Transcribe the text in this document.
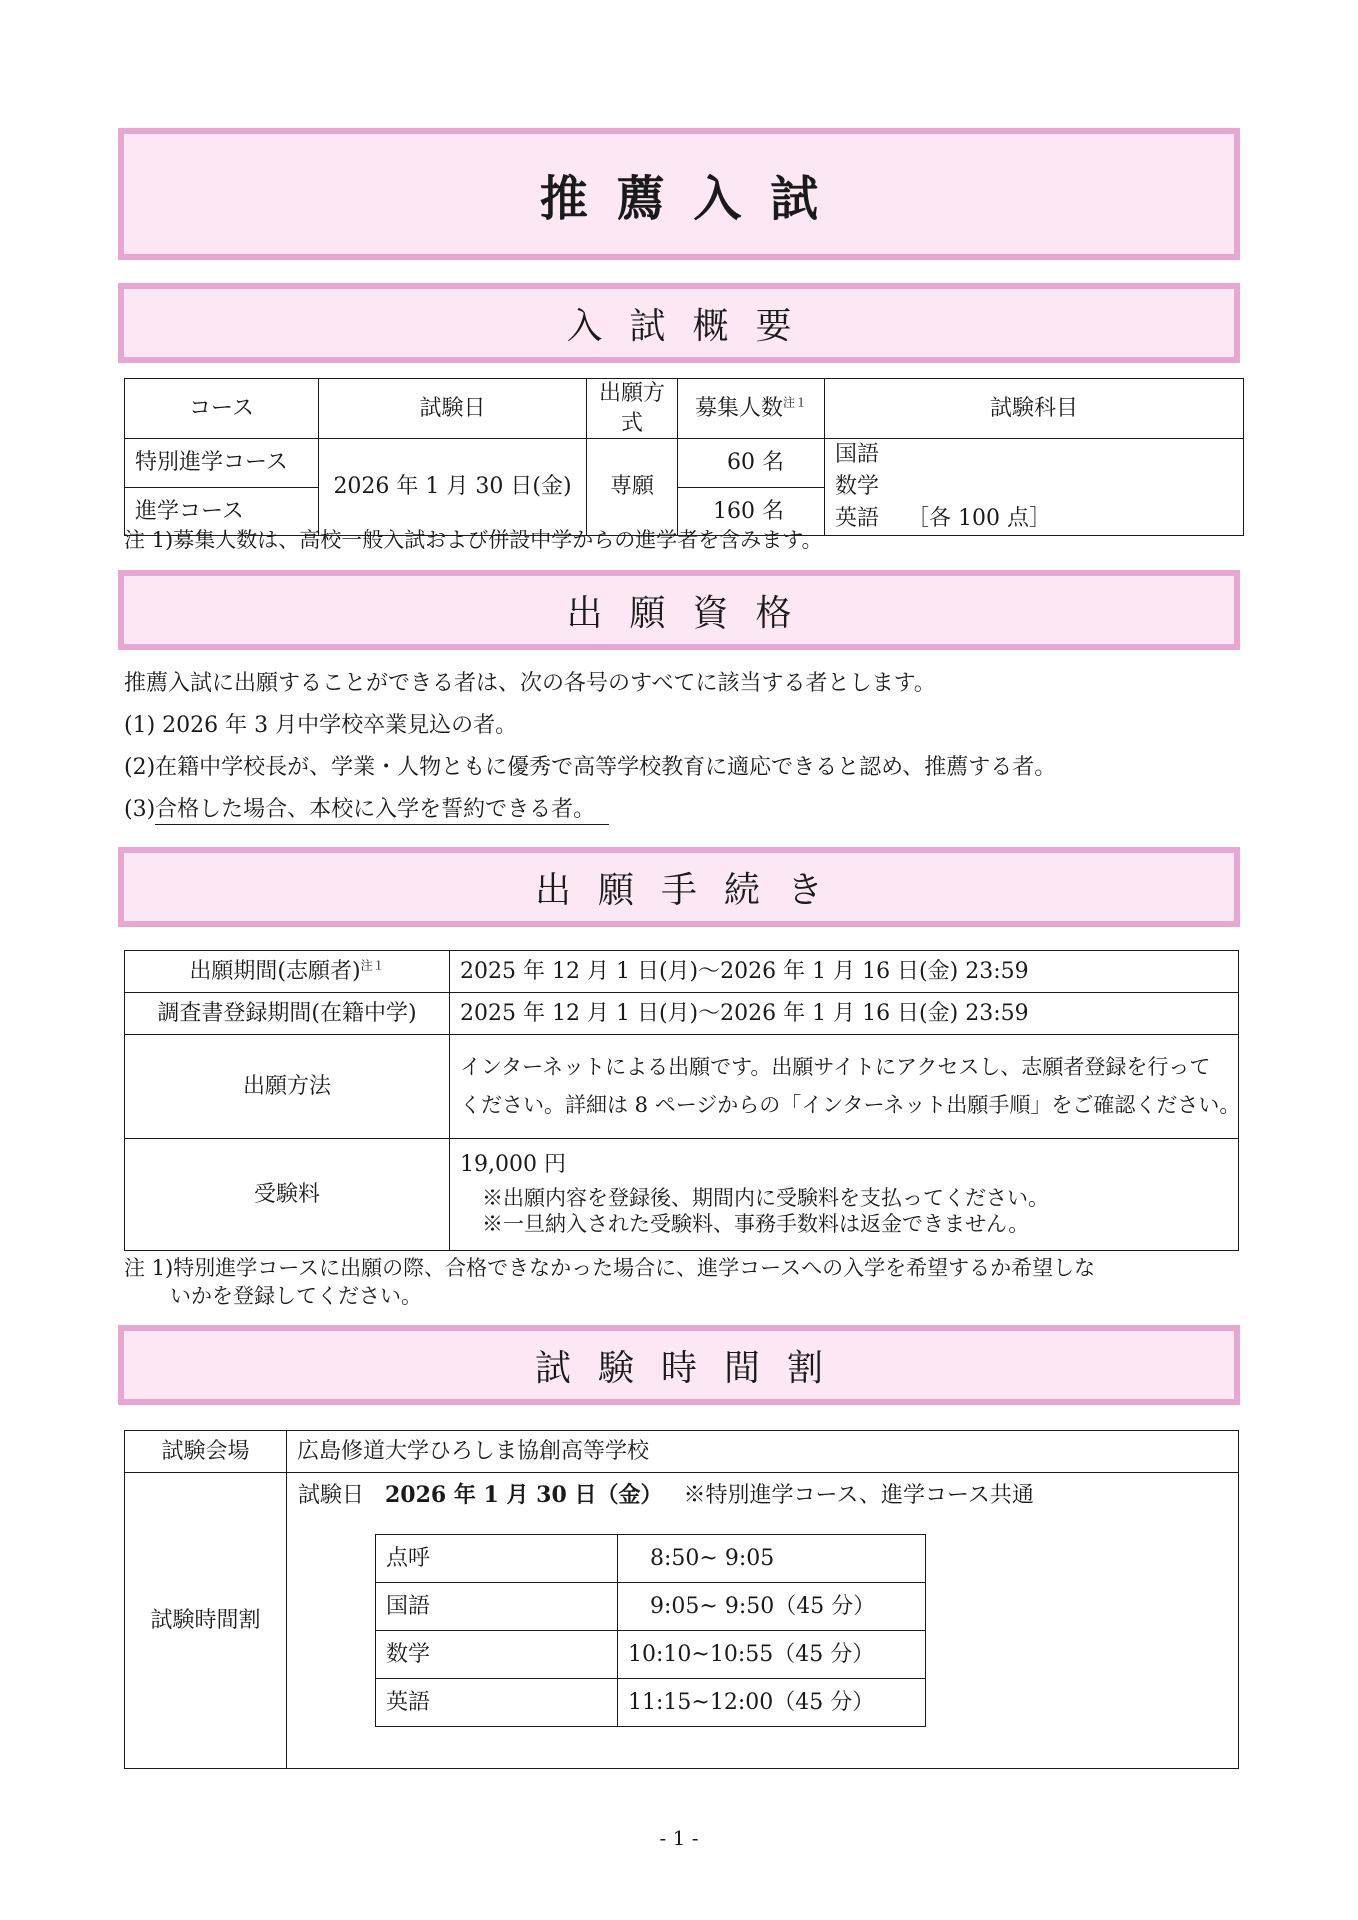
推薦入試
入試概要
コース	試験日	出願方式	募集人数$^{注1}$	試験科目
特別進学コース	2026 年 1 月 30 日(金)	専願	60 名	国語
数学
英語 ［各 100 点］

進学コース			160 名	
注 1)募集人数は、高校一般入試および併設中学からの進学者を含みます。
出願資格
推薦入試に出願することができる者は、次の各号のすべてに該当する者とします。
(1) 2026 年 3 月中学校卒業見込の者。
(2)在籍中学校長が、学業・人物ともに優秀で高等学校教育に適応できると認め、推薦する者。
(3)合格した場合、本校に入学を誓約できる者。
出願手続き
出願期間(志願者)$^{注1}$	2025 年 12 月 1 日(月)～2026 年 1 月 16 日(金) 23:59
調査書登録期間(在籍中学)	2025 年 12 月 1 日(月)～2026 年 1 月 16 日(金) 23:59
出願方法	インターネットによる出願です。出願サイトにアクセスし、志願者登録を行って
ください。詳細は 8 ページからの「インターネット出願手順」をご確認ください。

受験料	19,000 円
※出願内容を登録後、期間内に受験料を支払ってください。
※一旦納入された受験料、事務手数料は返金できません。
注 1)特別進学コースに出願の際、合格できなかった場合に、進学コースへの入学を希望するか希望しな
いかを登録してください。
試験時間割
試験会場	広島修道大学ひろしま協創高等学校
試験時間割	
試験日 2026 年 1 月 30 日（金） ※特別進学コース、進学コース共通
点呼	8:50~ 9:05
国語	9:05~ 9:50（45 分）
数学	10:10~10:55（45 分）
英語	11:15~12:00（45 分）
- 1 -
